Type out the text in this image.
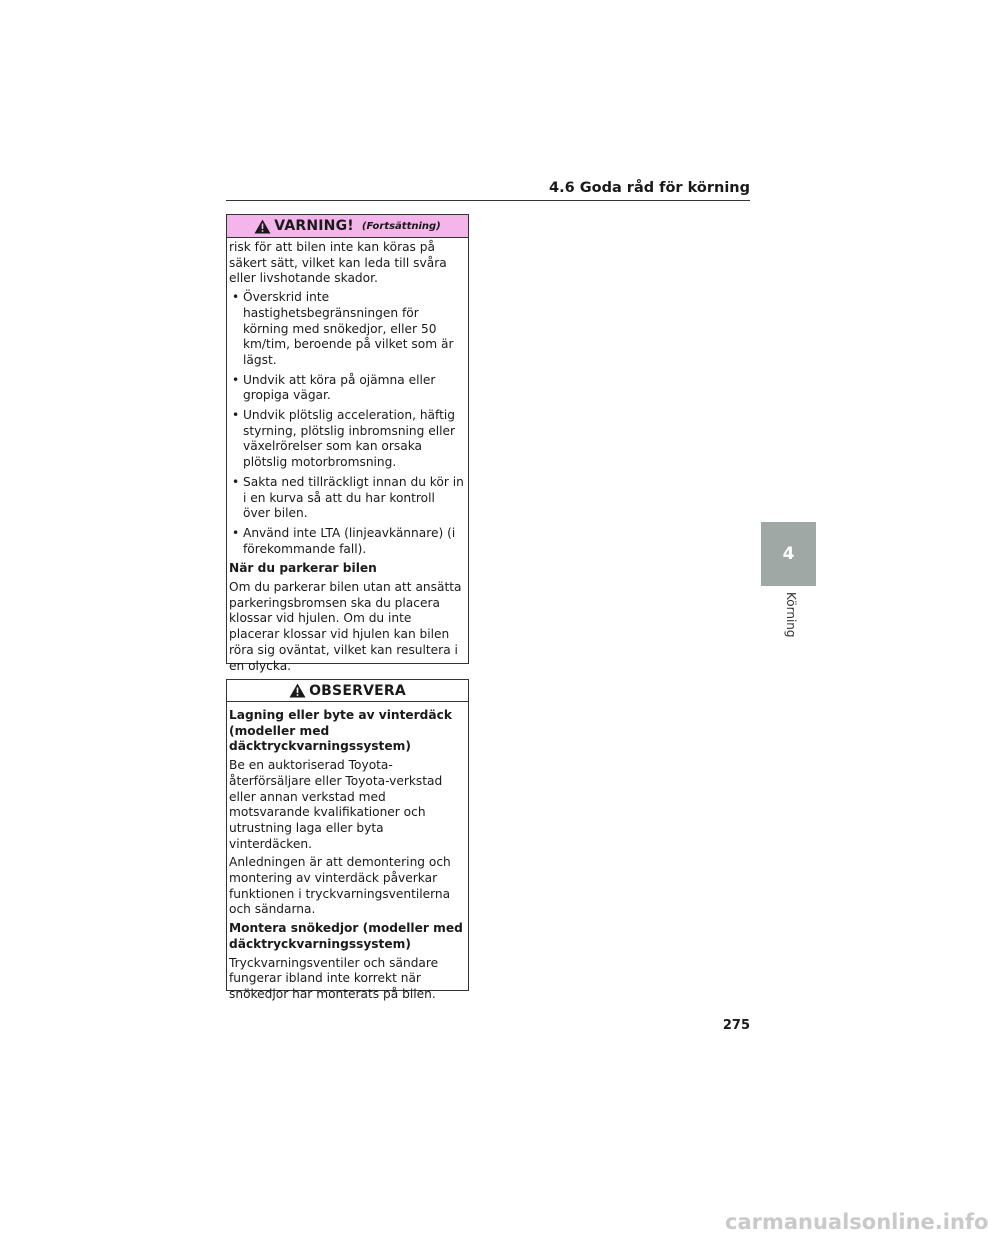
4.6 Goda råd för körning
VARNING! (Fortsättning)

risk för att bilen inte kan köras på säkert sätt, vilket kan leda till svåra eller livshotande skador.

• Överskrid inte hastighetsbegränsningen för körning med snökedjor, eller 50 km/tim, beroende på vilket som är lägst.
• Undvik att köra på ojämna eller gropiga vägar.
• Undvik plötslig acceleration, häftig styrning, plötslig inbromsning eller växelrörelser som kan orsaka plötslig motorbromsning.
• Sakta ned tillräckligt innan du kör in i en kurva så att du har kontroll över bilen.
• Använd inte LTA (linjeavkännare) (i förekommande fall).

När du parkerar bilen

Om du parkerar bilen utan att ansätta parkeringsbromsen ska du placera klossar vid hjulen. Om du inte placerar klossar vid hjulen kan bilen röra sig oväntat, vilket kan resultera i en olycka.

OBSERVERA

Lagning eller byte av vinterdäck (modeller med däcktryckvarningssystem)

Be en auktoriserad Toyota-återförsäljare eller Toyota-verkstad eller annan verkstad med motsvarande kvalifikationer och utrustning laga eller byta vinterdäcken.

Anledningen är att demontering och montering av vinterdäck påverkar funktionen i tryckvarningsventilerna och sändarna.

Montera snökedjor (modeller med däcktryckvarningssystem)

Tryckvarningsventiler och sändare fungerar ibland inte korrekt när snökedjor har monterats på bilen.

4
Körning
275
carmanualsonline.info
